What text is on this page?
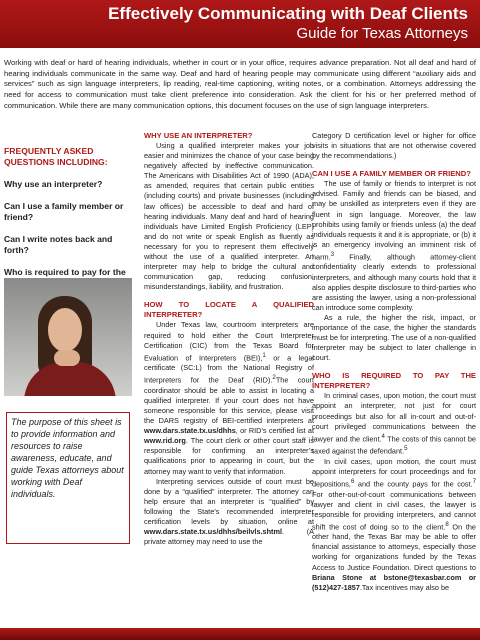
Effectively Communicating with Deaf Clients
Guide for Texas Attorneys
Working with deaf or hard of hearing individuals, whether in court or in your office, requires advance preparation. Not all deaf and hard of hearing individuals communicate in the same way. Deaf and hard of hearing people may communicate using different “auxiliary aids and services” such as sign language interpreters, lip reading, real-time captioning, writing notes, or a combination. Attorneys addressing the need for access to communication must take client preference into consideration. Ask the client for his or her preferred method of communication. While there are many communication options, this document focuses on the use of sign language interpreters.
FREQUENTLY ASKED QUESTIONS INCLUDING:
Why use an interpreter?
Can I use a family member or friend?
Can I write notes back and forth?
Who is required to pay for the
The purpose of this sheet is to provide information and resources to raise awareness, educate, and guide Texas attorneys about working with Deaf individuals.
WHY USE AN INTERPRETER?

Using a qualified interpreter makes your job easier and minimizes the chance of your case being negatively affected by ineffective communication. The Americans with Disabilities Act of 1990 (ADA), as amended, requires that certain public entities (including courts) and private businesses (including law offices) be accessible to deaf and hard of hearing individuals. Many deaf and hard of hearing individuals have Limited English Proficiency (LEP) and do not write or speak English as fluently as necessary for you to represent them effectively without the use of a qualified interpreter. An interpreter may help to bridge the cultural and communication gap, reducing confusion, misunderstandings, liability, and frustration.

HOW TO LOCATE A QUALIFIED INTERPRETER?

Under Texas law, courtroom interpreters are required to hold either the Court Interpreter Certification (CIC) from the Texas Board for Evaluation of Interpreters (BEI),$^1$ or a legal certificate (SC:L) from the National Registry of Interpreters for the Deaf (RID).$^2$The court coordinator should be able to assist in locating a qualified interpreter. If your court does not have someone responsible for this service, please visit the DARS registry of BEI-certified interpreters at www.dars.state.tx.us/dhhs, or RID’s certified list at www.rid.org. The court clerk or other court staff is responsible for confirming an interpreter’s qualifications prior to appearing in court, but the attorney may want to verify that information.

Interpreting services outside of court must be done by a “qualified” interpreter. The attorney can help ensure that an interpreter is “qualified” by following the State’s recommended interpreter certification levels by situation, online at www.dars.state.tx.us/dhhs/beilvls.shtml. (A private attorney may need to use the

Category D certification level or higher for office visits in situations that are not otherwise covered by the recommendations.)

CAN I USE A FAMILY MEMBER OR FRIEND?

The use of family or friends to interpret is not advised. Family and friends can be biased, and may be unskilled as interpreters even if they are fluent in sign language. Moreover, the law prohibits using family or friends unless (a) the deaf individuals requests it and it is appropriate, or (b) it is an emergency involving an imminent risk of harm.$^3$ Finally, although attorney-client confidentiality clearly extends to professional interpreters, and although many courts hold that it also applies despite disclosure to third-parties who are assisting the lawyer, using a non-professional can introduce some complexity.

As a rule, the higher the risk, impact, or importance of the case, the higher the standards must be for interpreting. The use of a non-qualified interpreter may be subject to later challenge in court.

WHO IS REQUIRED TO PAY THE INTERPRETER?

In criminal cases, upon motion, the court must appoint an interpreter, not just for court proceedings but also for all in-court and out-of-court privileged communications between the lawyer and the client.$^4$ The costs of this cannot be taxed against the defendant.$^5$

In civil cases, upon motion, the court must appoint interpreters for court proceedings and for depositions,$^6$ and the county pays for the cost.$^7$ For other-out-of-court communications between lawyer and client in civil cases, the lawyer is responsible for providing interpreters, and cannot shift the cost of doing so to the client.$^8$ On the other hand, the Texas Bar may be able to offer financial assistance to attorneys, especially those working for organizations funded by the Texas Access to Justice Foundation. Direct questions to Briana Stone at bstone@texasbar.com or (512)427-1857.Tax incentives may also be
